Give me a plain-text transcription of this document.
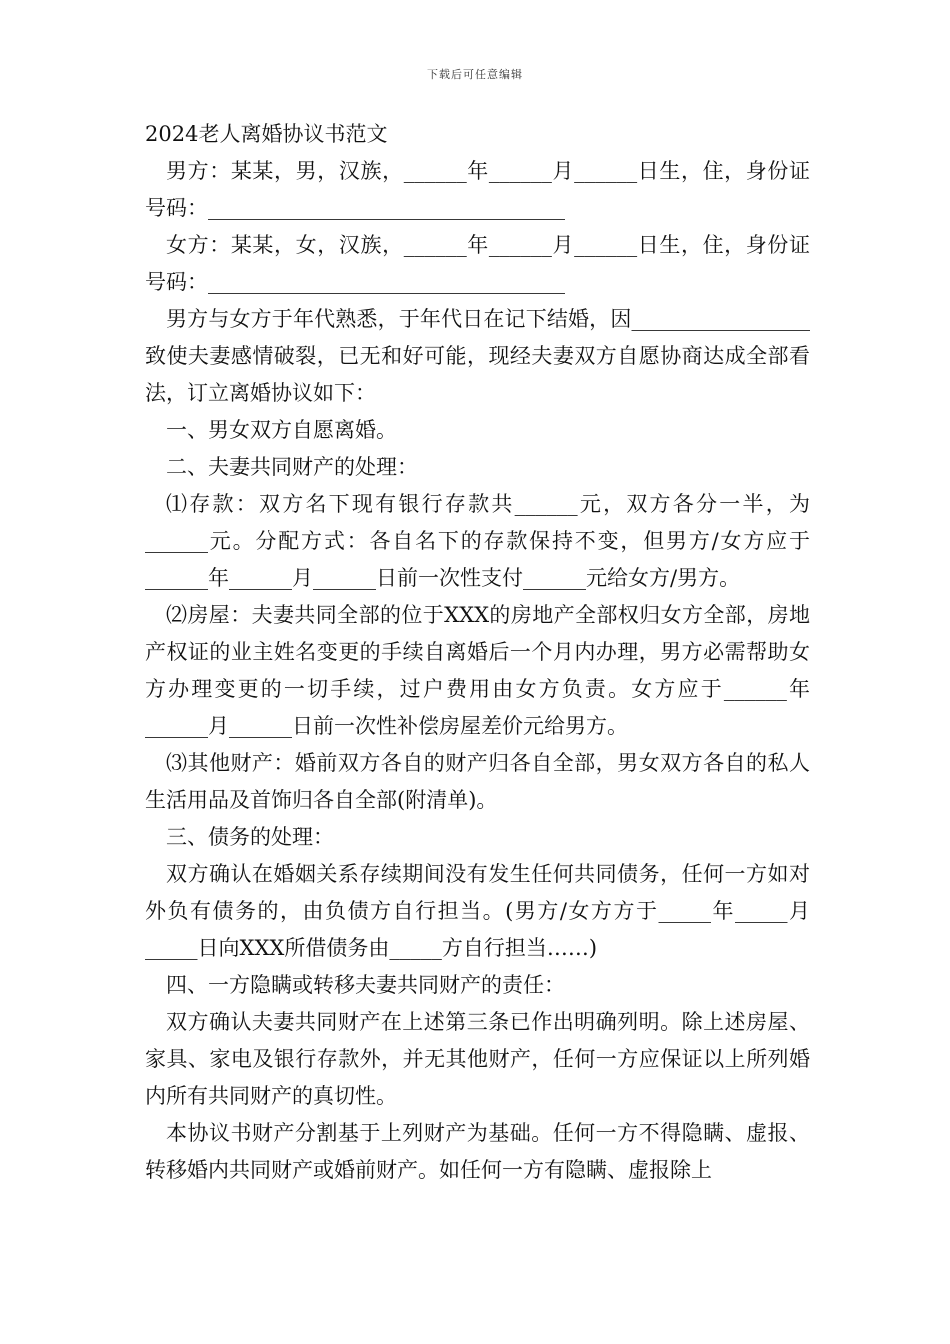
下载后可任意编辑
2024老人离婚协议书范文

男方：某某，男，汉族，______年______月______日生，住，身份证号码：__________________________________

女方：某某，女，汉族，______年______月______日生，住，身份证号码：__________________________________

男方与女方于年代熟悉，于年代日在记下结婚，因_________________致使夫妻感情破裂，已无和好可能，现经夫妻双方自愿协商达成全部看法，订立离婚协议如下：

一、男女双方自愿离婚。

二、夫妻共同财产的处理：

⑴存款：双方名下现有银行存款共______元，双方各分一半，为______元。分配方式：各自名下的存款保持不变，但男方/女方应于______年______月______日前一次性支付______元给女方/男方。

⑵房屋：夫妻共同全部的位于XXX的房地产全部权归女方全部，房地产权证的业主姓名变更的手续自离婚后一个月内办理，男方必需帮助女方办理变更的一切手续，过户费用由女方负责。女方应于______年______月______日前一次性补偿房屋差价元给男方。

⑶其他财产：婚前双方各自的财产归各自全部，男女双方各自的私人生活用品及首饰归各自全部(附清单)。

三、债务的处理：

双方确认在婚姻关系存续期间没有发生任何共同债务，任何一方如对外负有债务的，由负债方自行担当。(男方/女方方于_____年_____月_____日向XXX所借债务由_____方自行担当……)

四、一方隐瞒或转移夫妻共同财产的责任：

双方确认夫妻共同财产在上述第三条已作出明确列明。除上述房屋、家具、家电及银行存款外，并无其他财产，任何一方应保证以上所列婚内所有共同财产的真切性。

本协议书财产分割基于上列财产为基础。任何一方不得隐瞒、虚报、转移婚内共同财产或婚前财产。如任何一方有隐瞒、虚报除上
